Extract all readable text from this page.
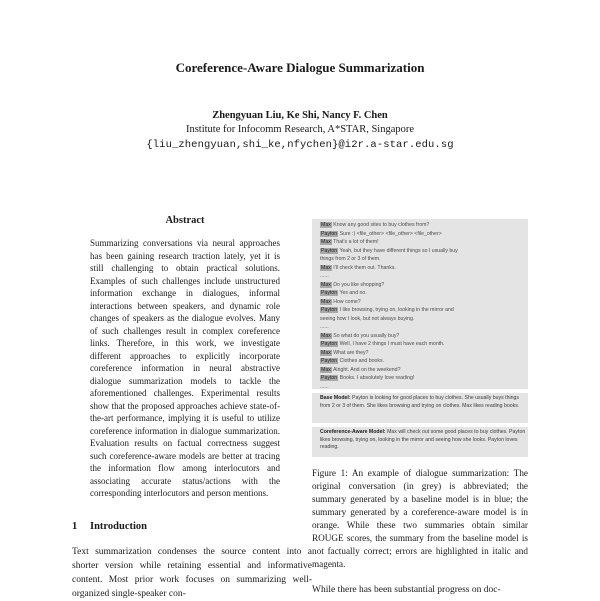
Coreference-Aware Dialogue Summarization
Zhengyuan Liu, Ke Shi, Nancy F. Chen
Institute for Infocomm Research, A*STAR, Singapore
{liu_zhengyuan,shi_ke,nfychen}@i2r.a-star.edu.sg
Abstract
Summarizing conversations via neural approaches has been gaining research traction lately, yet it is still challenging to obtain practical solutions. Examples of such challenges include unstructured information exchange in dialogues, informal interactions between speakers, and dynamic role changes of speakers as the dialogue evolves. Many of such challenges result in complex coreference links. Therefore, in this work, we investigate different approaches to explicitly incorporate coreference information in neural abstractive dialogue summarization models to tackle the aforementioned challenges. Experimental results show that the proposed approaches achieve state-of-the-art performance, implying it is useful to utilize coreference information in dialogue summarization. Evaluation results on factual correctness suggest such coreference-aware models are better at tracing the information flow among interlocutors and associating accurate status/actions with the corresponding interlocutors and person mentions.
1 Introduction
Text summarization condenses the source content into a shorter version while retaining essential and informative content. Most prior work focuses on summarizing well-organized single-speaker con-
Max Know any good sites to buy clothes from?
Payton Sure :) <file_other> <file_other> <file_other>
Max That's a lot of them!
Payton Yeah, but they have different things so I usually buy
things from 2 or 3 of them.
Max I'll check them out. Thanks.
......
Max Do you like shopping?
Payton Yes and no.
Max How come?
Payton I like browsing, trying on, looking in the mirror and
seeing how I look, but not always buying.
......
Max So what do you usually buy?
Payton Well, I have 2 things I must have each month.
Max What are they?
Payton Clothes and books.
Max Alright. And on the weekend?
Payton Books. I absolutely love reading!
......
Base Model: Payton is looking for good places to buy clothes. She usually buys things from 2 or 3 of them. She likes browsing and trying on clothes. Max likes reading books.
Coreference-Aware Model: Max will check out some good places to buy clothes. Payton likes browsing, trying on, looking in the mirror and seeing how she looks. Payton loves reading.
Figure 1: An example of dialogue summarization: The original conversation (in grey) is abbreviated; the summary generated by a baseline model is in blue; the summary generated by a coreference-aware model is in orange. While these two summaries obtain similar ROUGE scores, the summary from the baseline model is not factually correct; errors are highlighted in italic and magenta.
While there has been substantial progress on doc-
